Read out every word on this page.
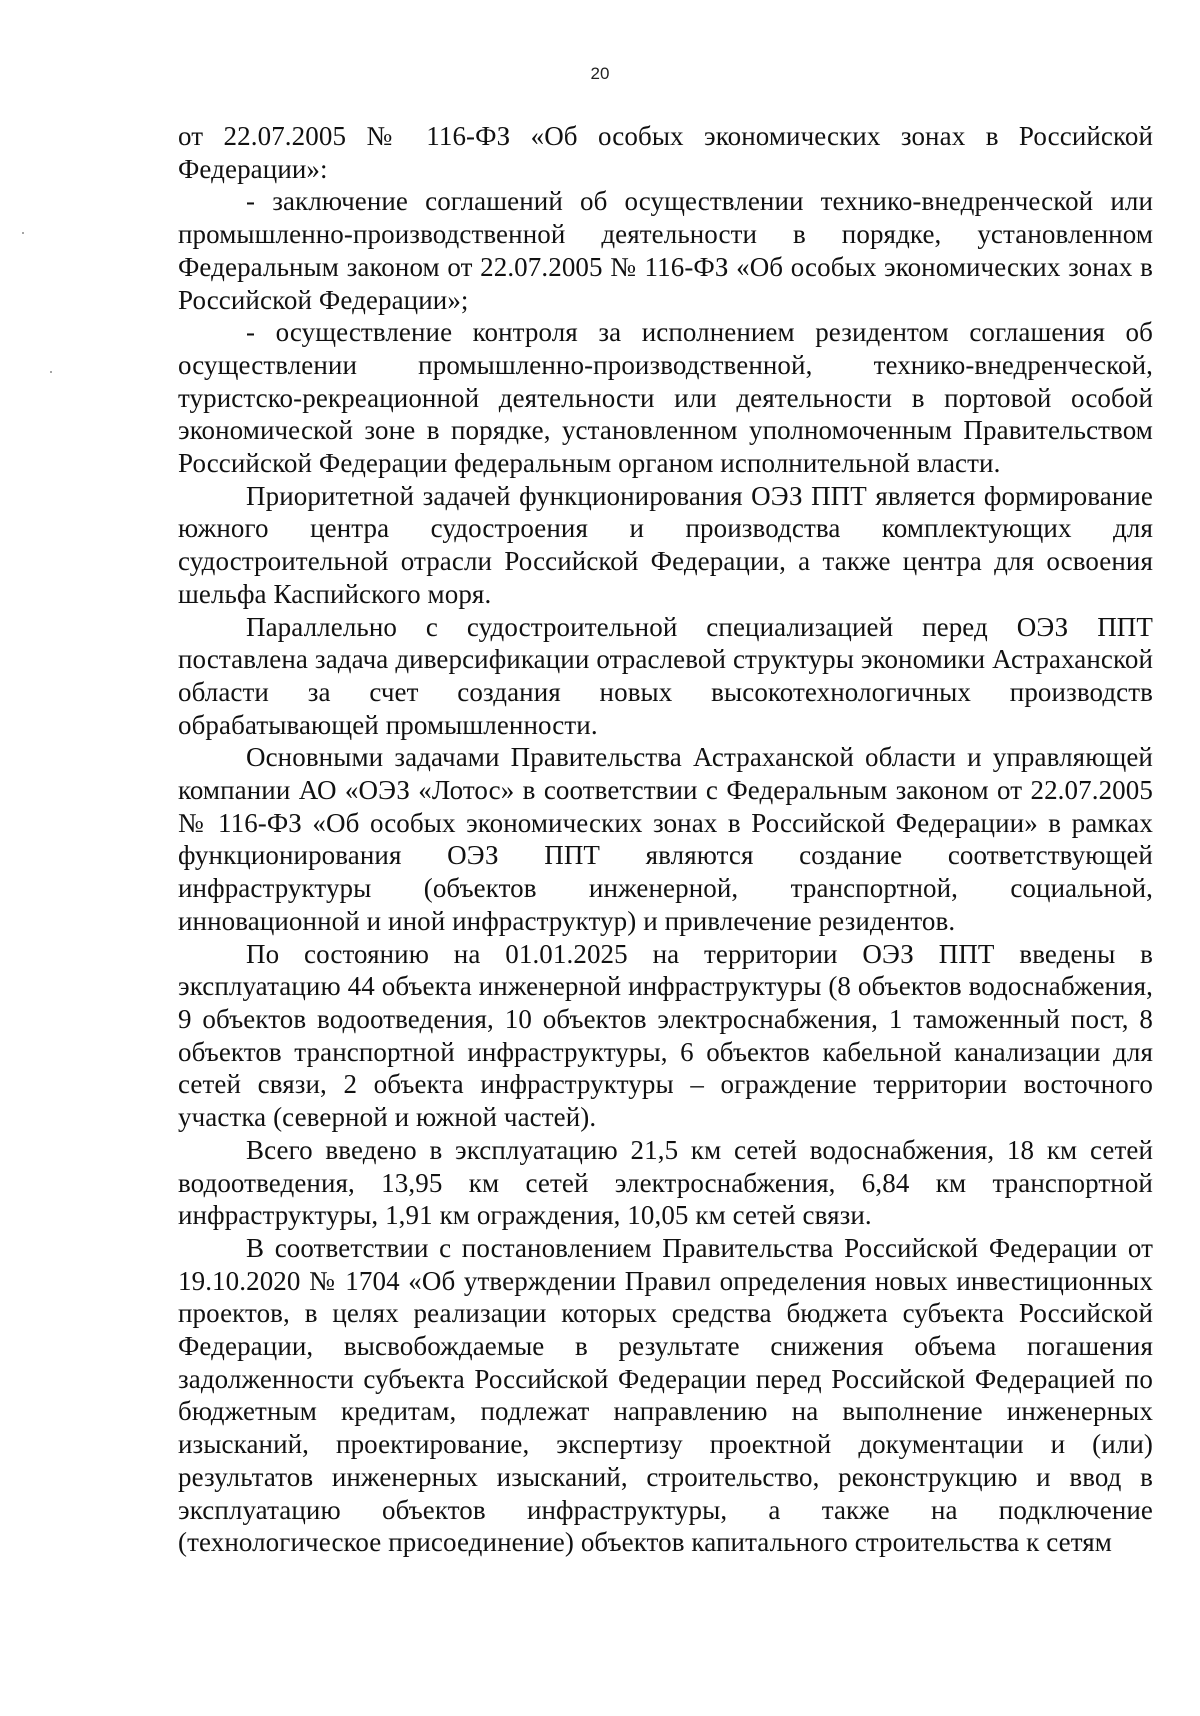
20

от 22.07.2005 № 116-ФЗ «Об особых экономических зонах в Российской Федерации»:

- заключение соглашений об осуществлении технико-внедренческой или промышленно-производственной деятельности в порядке, установленном Федеральным законом от 22.07.2005 № 116-ФЗ «Об особых экономических зонах в Российской Федерации»;

- осуществление контроля за исполнением резидентом соглашения об осуществлении промышленно-производственной, технико-внедренческой, туристско-рекреационной деятельности или деятельности в портовой особой экономической зоне в порядке, установленном уполномоченным Правительством Российской Федерации федеральным органом исполнительной власти.

Приоритетной задачей функционирования ОЭЗ ППТ является формирование южного центра судостроения и производства комплектующих для судостроительной отрасли Российской Федерации, а также центра для освоения шельфа Каспийского моря.

Параллельно с судостроительной специализацией перед ОЭЗ ППТ поставлена задача диверсификации отраслевой структуры экономики Астраханской области за счет создания новых высокотехнологичных производств обрабатывающей промышленности.

Основными задачами Правительства Астраханской области и управляющей компании АО «ОЭЗ «Лотос» в соответствии с Федеральным законом от 22.07.2005 № 116-ФЗ «Об особых экономических зонах в Российской Федерации» в рамках функционирования ОЭЗ ППТ являются создание соответствующей инфраструктуры (объектов инженерной, транспортной, социальной, инновационной и иной инфраструктур) и привлечение резидентов.

По состоянию на 01.01.2025 на территории ОЭЗ ППТ введены в эксплуатацию 44 объекта инженерной инфраструктуры (8 объектов водоснабжения, 9 объектов водоотведения, 10 объектов электроснабжения, 1 таможенный пост, 8 объектов транспортной инфраструктуры, 6 объектов кабельной канализации для сетей связи, 2 объекта инфраструктуры – ограждение территории восточного участка (северной и южной частей).

Всего введено в эксплуатацию 21,5 км сетей водоснабжения, 18 км сетей водоотведения, 13,95 км сетей электроснабжения, 6,84 км транспортной инфраструктуры, 1,91 км ограждения, 10,05 км сетей связи.

В соответствии с постановлением Правительства Российской Федерации от 19.10.2020 № 1704 «Об утверждении Правил определения новых инвестиционных проектов, в целях реализации которых средства бюджета субъекта Российской Федерации, высвобождаемые в результате снижения объема погашения задолженности субъекта Российской Федерации перед Российской Федерацией по бюджетным кредитам, подлежат направлению на выполнение инженерных изысканий, проектирование, экспертизу проектной документации и (или) результатов инженерных изысканий, строительство, реконструкцию и ввод в эксплуатацию объектов инфраструктуры, а также на подключение (технологическое присоединение) объектов капитального строительства к сетям
